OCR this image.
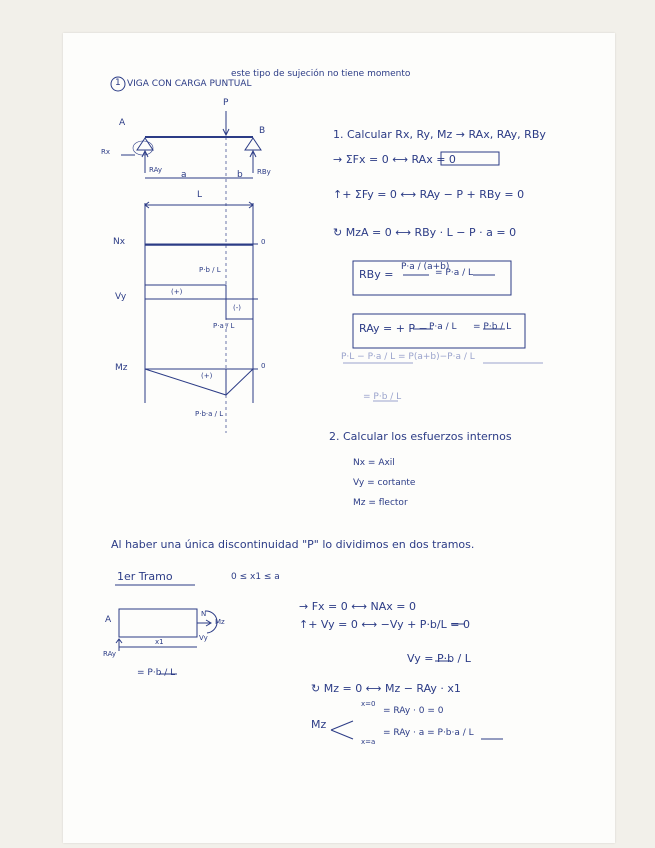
1 VIGA CON CARGA PUNTUAL
este tipo de sujeción no tiene momento
A
P
B
Rx
RAy	RBy
a	b
L
Nx
Vy
Mz
P·b / L
(+)
(-)
P·a / L
(+)
P·b·a / L
0
0
1. Calcular Rx, Ry, Mz → RAx, RAy, RBy
→ ΣFx = 0 ⟷ RAx = 0
↑+ ΣFy = 0 ⟷ RAy − P + RBy = 0
↻ MzA = 0 ⟷ RBy · L − P · a = 0
RBy =
P·a / (a+b)
= P·a / L
RAy = + P − P·a / L = P·b / L
P·L − P·a / L = P(a+b)−P·a / L
= P·b / L
2. Calcular los esfuerzos internos
Nx = Axil
Vy = cortante
Mz = flector
Al haber una única discontinuidad "P" lo dividimos en dos tramos.
1er Tramo	0 ≤ x1 ≤ a
A
N
Mz
Vy
x1
RAy
= P·b / L
→ Fx = 0 ⟷ NAx = 0
↑+ Vy = 0 ⟷ −Vy + P·b/L = 0
Vy = P·b / L
↻ Mz = 0 ⟷ Mz − RAy · x1
Mz
x=0
= RAy · 0 = 0
x=a
= RAy · a = P·b·a / L
